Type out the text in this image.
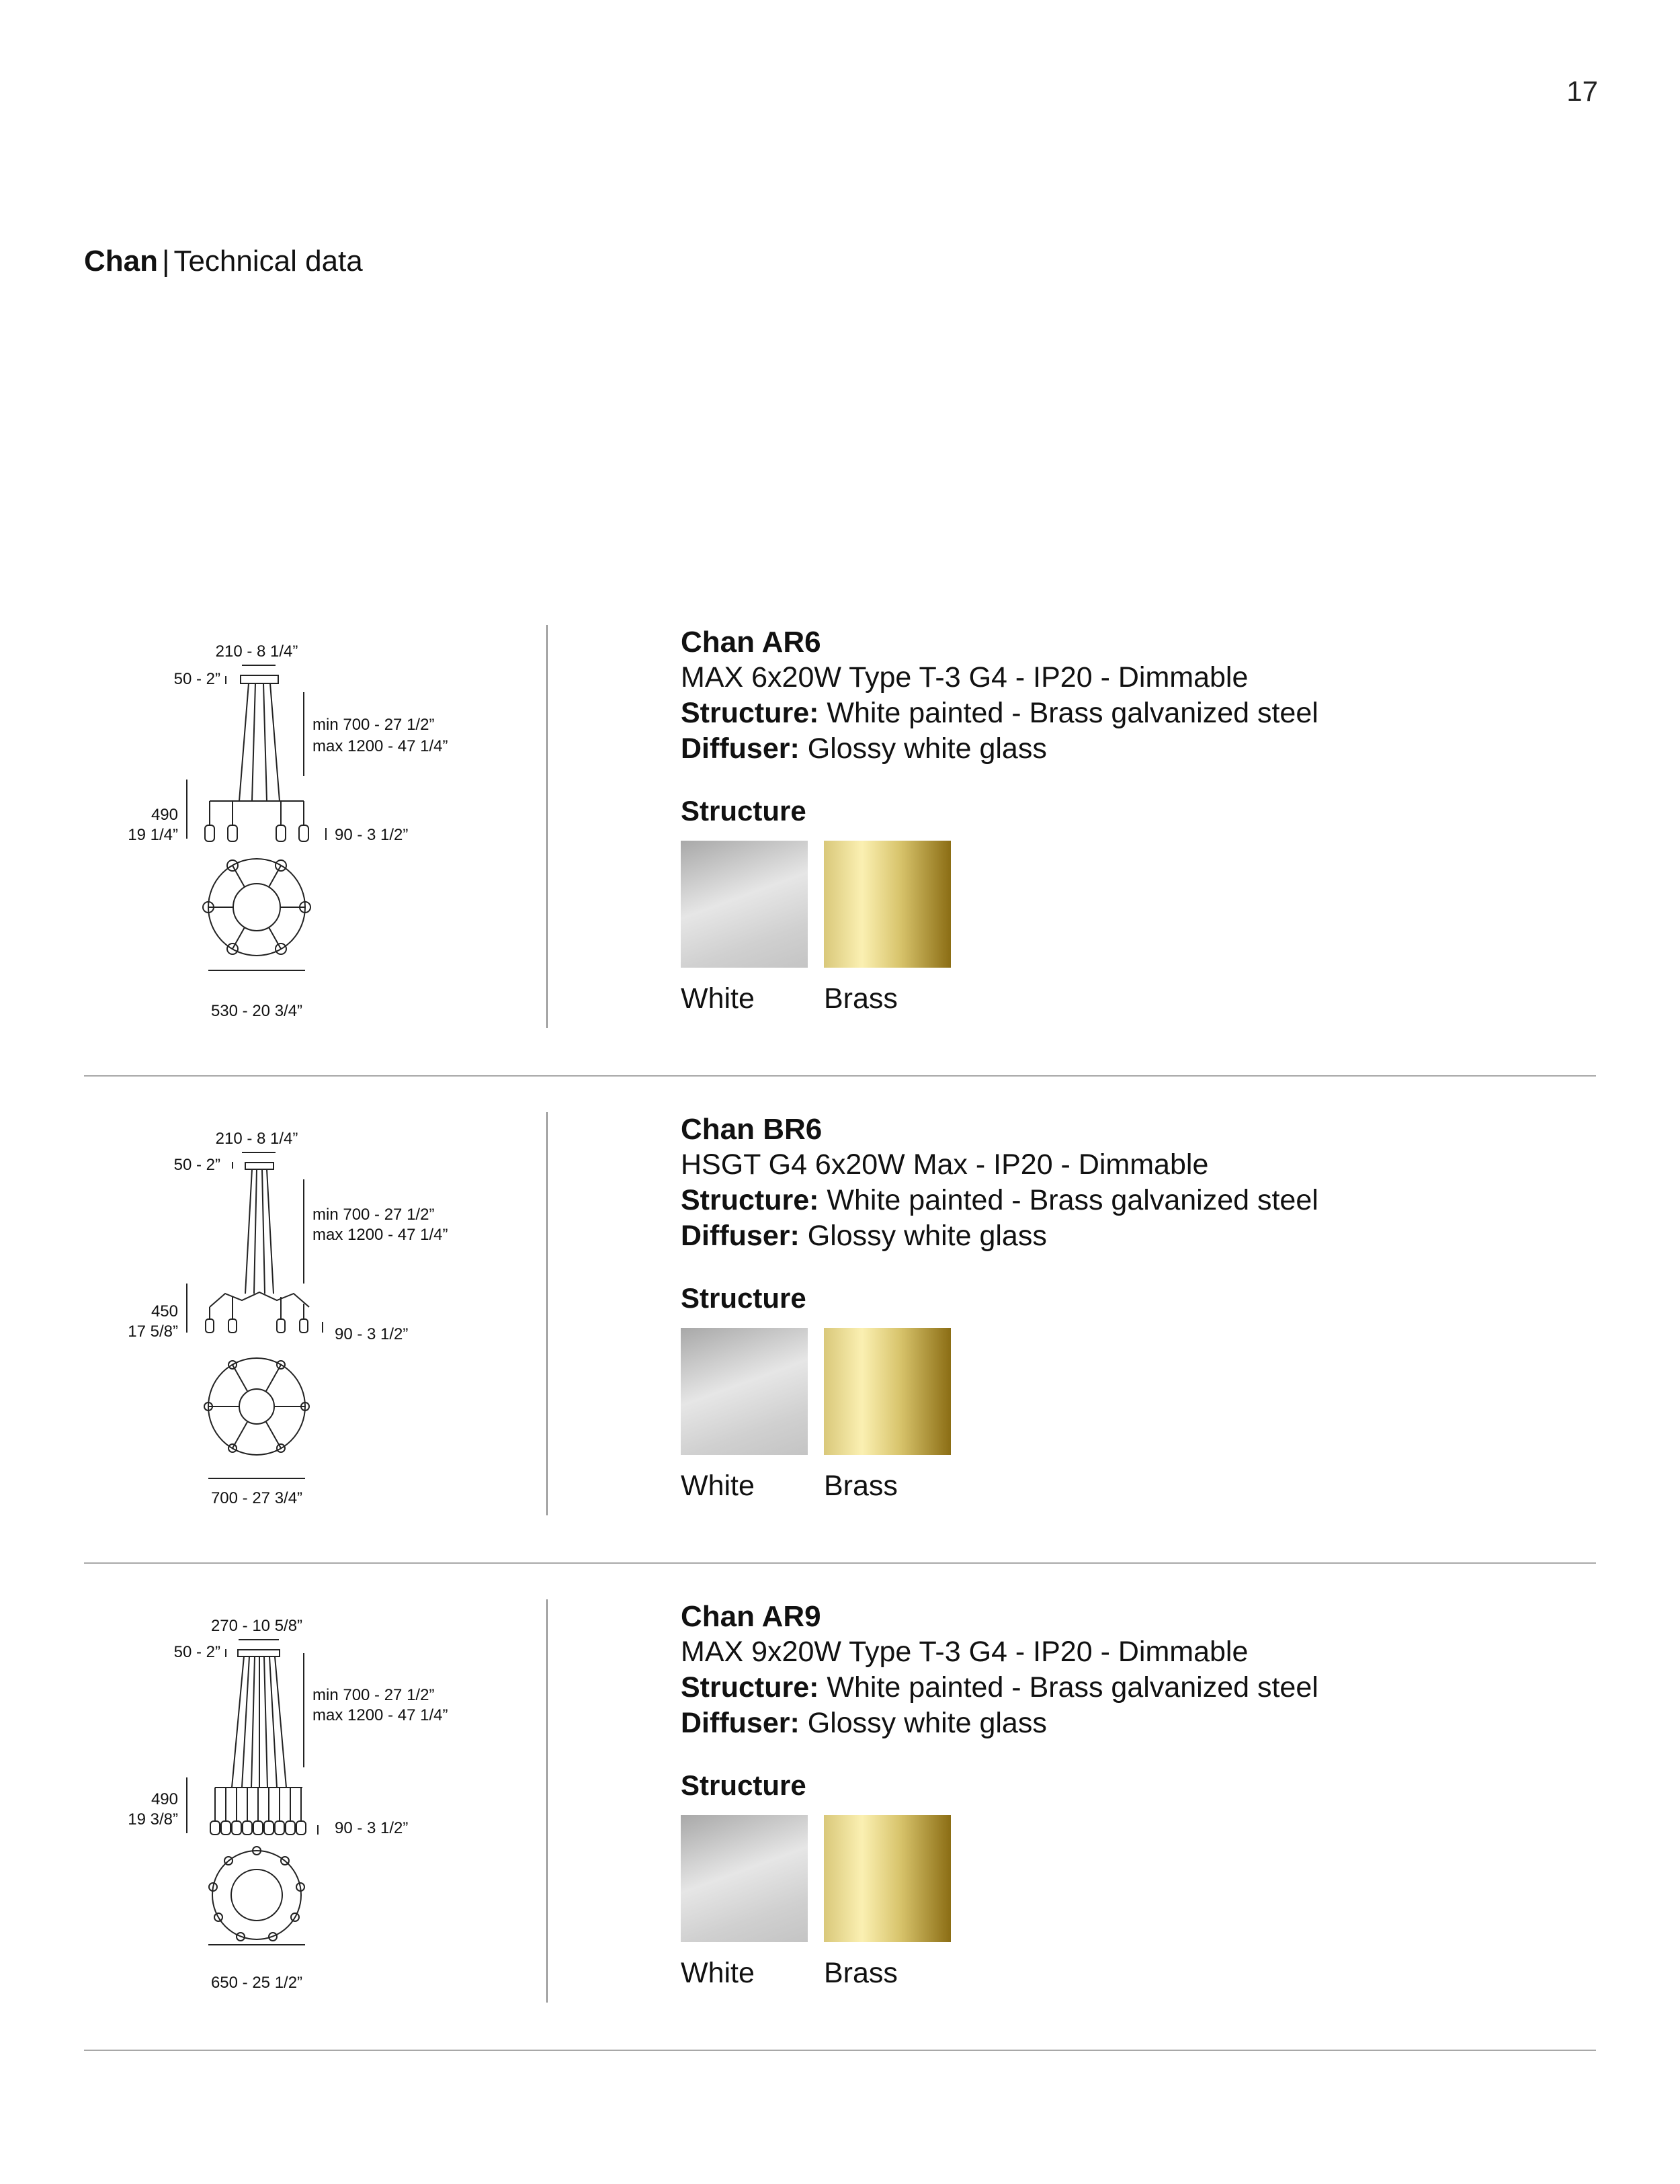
17
Chan | Technical data
210 - 8 1/4”
50 - 2”
min 700 - 27 1/2”
max 1200 - 47 1/4”
490
19 1/4”	90 - 3 1/2”
530 - 20 3/4”
Chan AR6
MAX 6x20W Type T-3 G4 - IP20 - Dimmable
Structure: White painted - Brass galvanized steel
Diffuser: Glossy white glass
Structure
White	Brass
210 - 8 1/4”
50 - 2”
min 700 - 27 1/2”
max 1200 - 47 1/4”
450
17 5/8”	90 - 3 1/2”
700 - 27 3/4”
Chan BR6
HSGT G4 6x20W Max - IP20 - Dimmable
Structure: White painted - Brass galvanized steel
Diffuser: Glossy white glass
Structure
White	Brass
270 - 10 5/8”
50 - 2”
min 700 - 27 1/2”
max 1200 - 47 1/4”
490
19 3/8”	90 - 3 1/2”
650 - 25 1/2”
Chan AR9
MAX 9x20W Type T-3 G4 - IP20 - Dimmable
Structure: White painted - Brass galvanized steel
Diffuser: Glossy white glass
Structure
White	Brass
